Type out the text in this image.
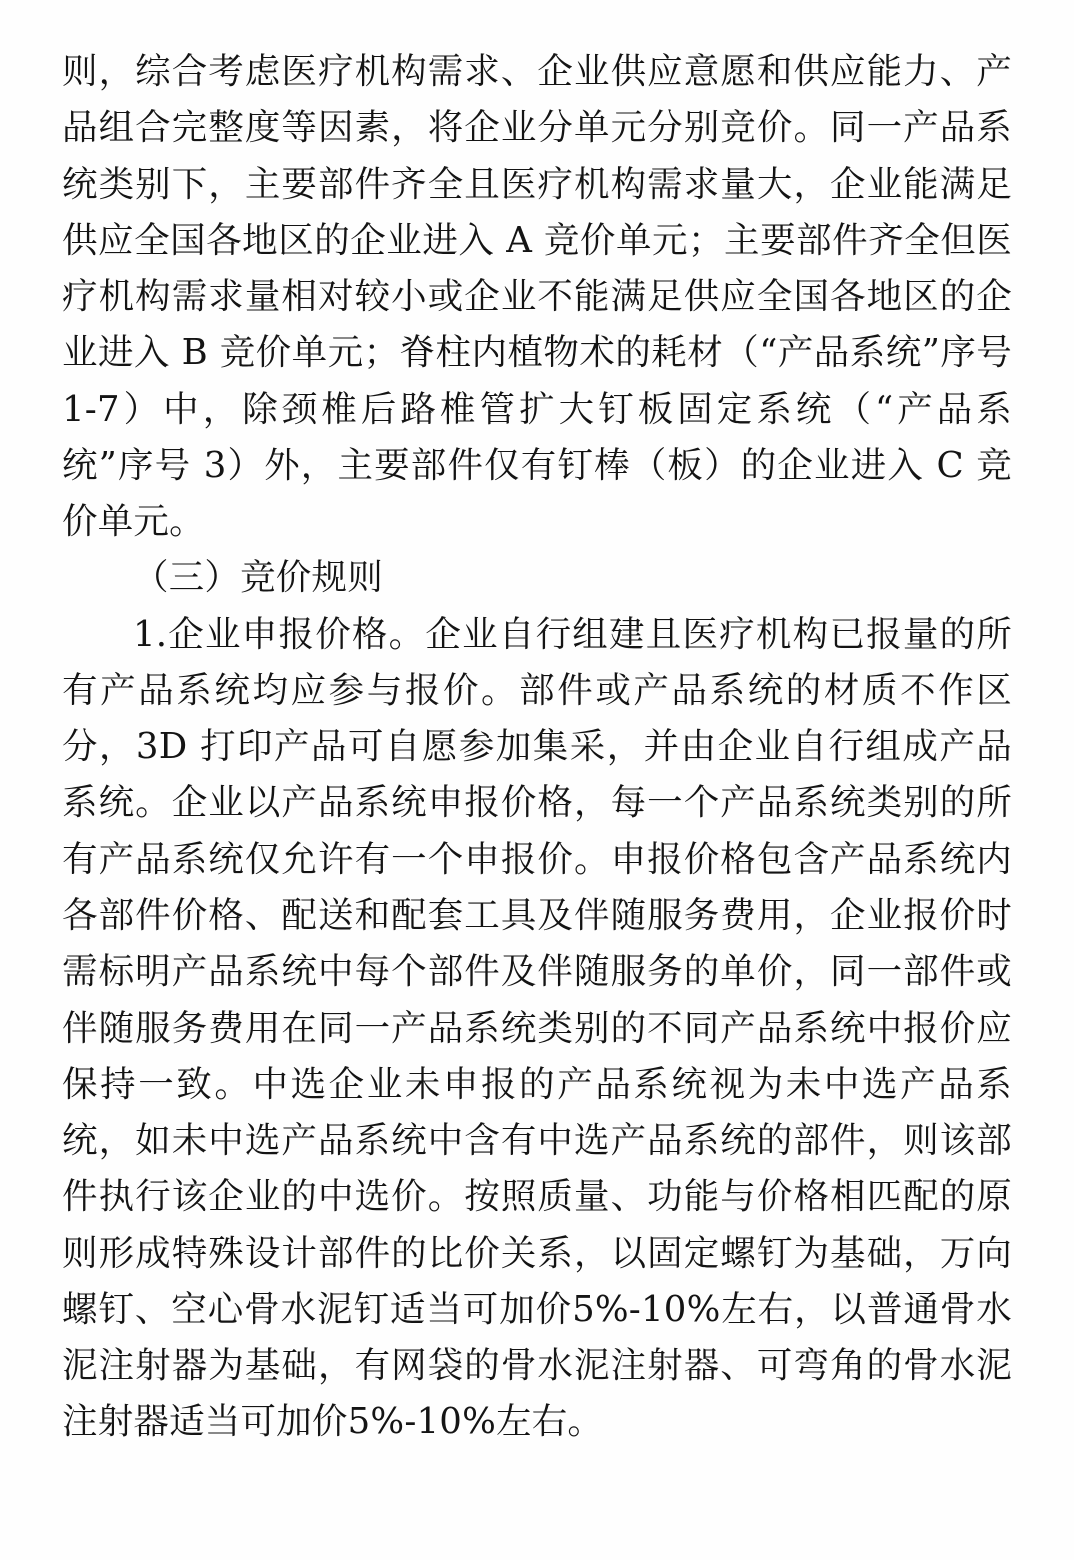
则，综合考虑医疗机构需求、企业供应意愿和供应能力、产品组合完整度等因素，将企业分单元分别竞价。同一产品系统类别下，主要部件齐全且医疗机构需求量大，企业能满足供应全国各地区的企业进入 A 竞价单元；主要部件齐全但医疗机构需求量相对较小或企业不能满足供应全国各地区的企业进入 B 竞价单元；脊柱内植物术的耗材（“产品系统”序号 1-7）中，除颈椎后路椎管扩大钉板固定系统（“产品系统”序号 3）外，主要部件仅有钉棒（板）的企业进入 C 竞价单元。

（三）竞价规则

1.企业申报价格。企业自行组建且医疗机构已报量的所有产品系统均应参与报价。部件或产品系统的材质不作区分，3D 打印产品可自愿参加集采，并由企业自行组成产品系统。企业以产品系统申报价格，每一个产品系统类别的所有产品系统仅允许有一个申报价。申报价格包含产品系统内各部件价格、配送和配套工具及伴随服务费用，企业报价时需标明产品系统中每个部件及伴随服务的单价，同一部件或伴随服务费用在同一产品系统类别的不同产品系统中报价应保持一致。中选企业未申报的产品系统视为未中选产品系统，如未中选产品系统中含有中选产品系统的部件，则该部件执行该企业的中选价。按照质量、功能与价格相匹配的原则形成特殊设计部件的比价关系，以固定螺钉为基础，万向螺钉、空心骨水泥钉适当可加价5%-10%左右，以普通骨水泥注射器为基础，有网袋的骨水泥注射器、可弯角的骨水泥注射器适当可加价5%-10%左右。
